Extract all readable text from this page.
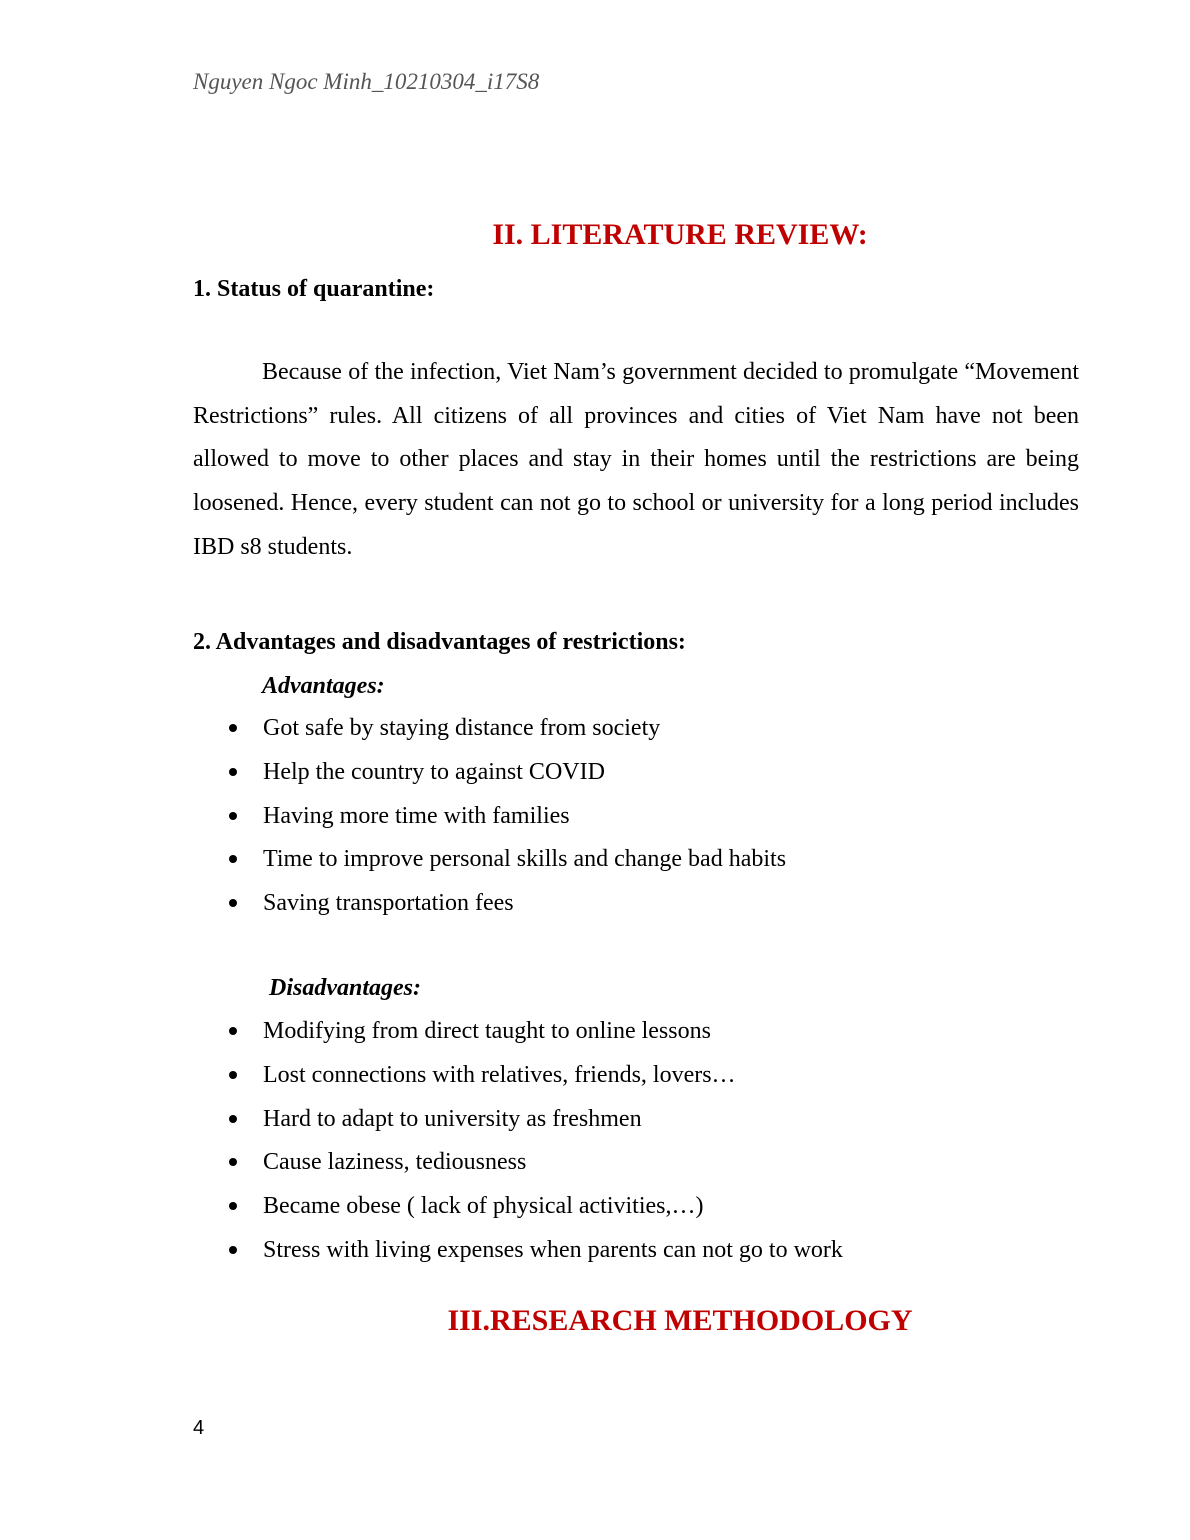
Nguyen Ngoc Minh_10210304_i17S8
II. LITERATURE REVIEW:
1. Status of quarantine:

Because of the infection, Viet Nam’s government decided to promulgate “Movement Restrictions” rules. All citizens of all provinces and cities of Viet Nam have not been allowed to move to other places and stay in their homes until the restrictions are being loosened. Hence, every student can not go to school or university for a long period includes IBD s8 students.

2. Advantages and disadvantages of restrictions:
Advantages:
Got safe by staying distance from society
Help the country to against COVID
Having more time with families
Time to improve personal skills and change bad habits
Saving transportation fees
Disadvantages:
Modifying from direct taught to online lessons
Lost connections with relatives, friends, lovers…
Hard to adapt to university as freshmen
Cause laziness, tediousness
Became obese ( lack of physical activities,…)
Stress with living expenses when parents can not go to work
III.RESEARCH METHODOLOGY
4
